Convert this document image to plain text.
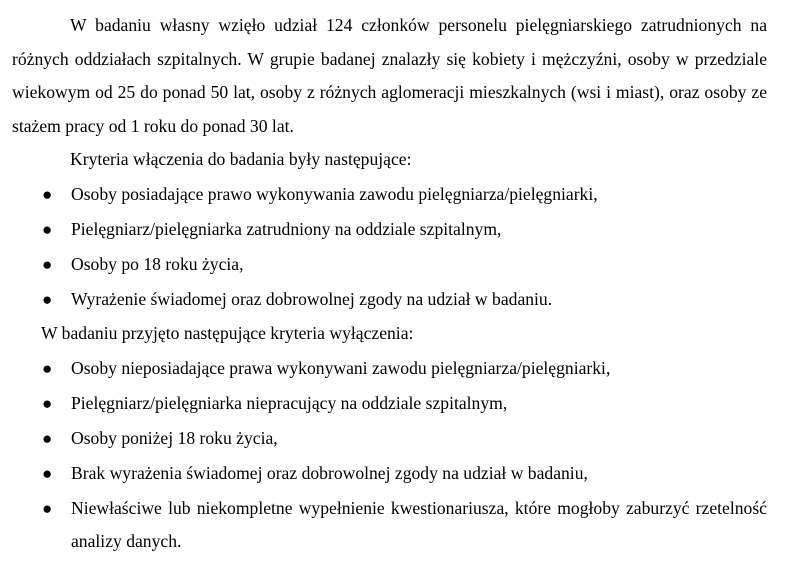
W badaniu własny wzięło udział 124 członków personelu pielęgniarskiego zatrudnionych na różnych oddziałach szpitalnych. W grupie badanej znalazły się kobiety i mężczyźni, osoby w przedziale wiekowym od 25 do ponad 50 lat, osoby z różnych aglomeracji mieszkalnych (wsi i miast), oraz osoby ze stażem pracy od 1 roku do ponad 30 lat.

Kryteria włączenia do badania były następujące:

● Osoby posiadające prawo wykonywania zawodu pielęgniarza/pielęgniarki,
● Pielęgniarz/pielęgniarka zatrudniony na oddziale szpitalnym,
● Osoby po 18 roku życia,
● Wyrażenie świadomej oraz dobrowolnej zgody na udział w badaniu.

W badaniu przyjęto następujące kryteria wyłączenia:

● Osoby nieposiadające prawa wykonywani zawodu pielęgniarza/pielęgniarki,
● Pielęgniarz/pielęgniarka niepracujący na oddziale szpitalnym,
● Osoby poniżej 18 roku życia,
● Brak wyrażenia świadomej oraz dobrowolnej zgody na udział w badaniu,
● Niewłaściwe lub niekompletne wypełnienie kwestionariusza, które mogłoby zaburzyć rzetelność analizy danych.
